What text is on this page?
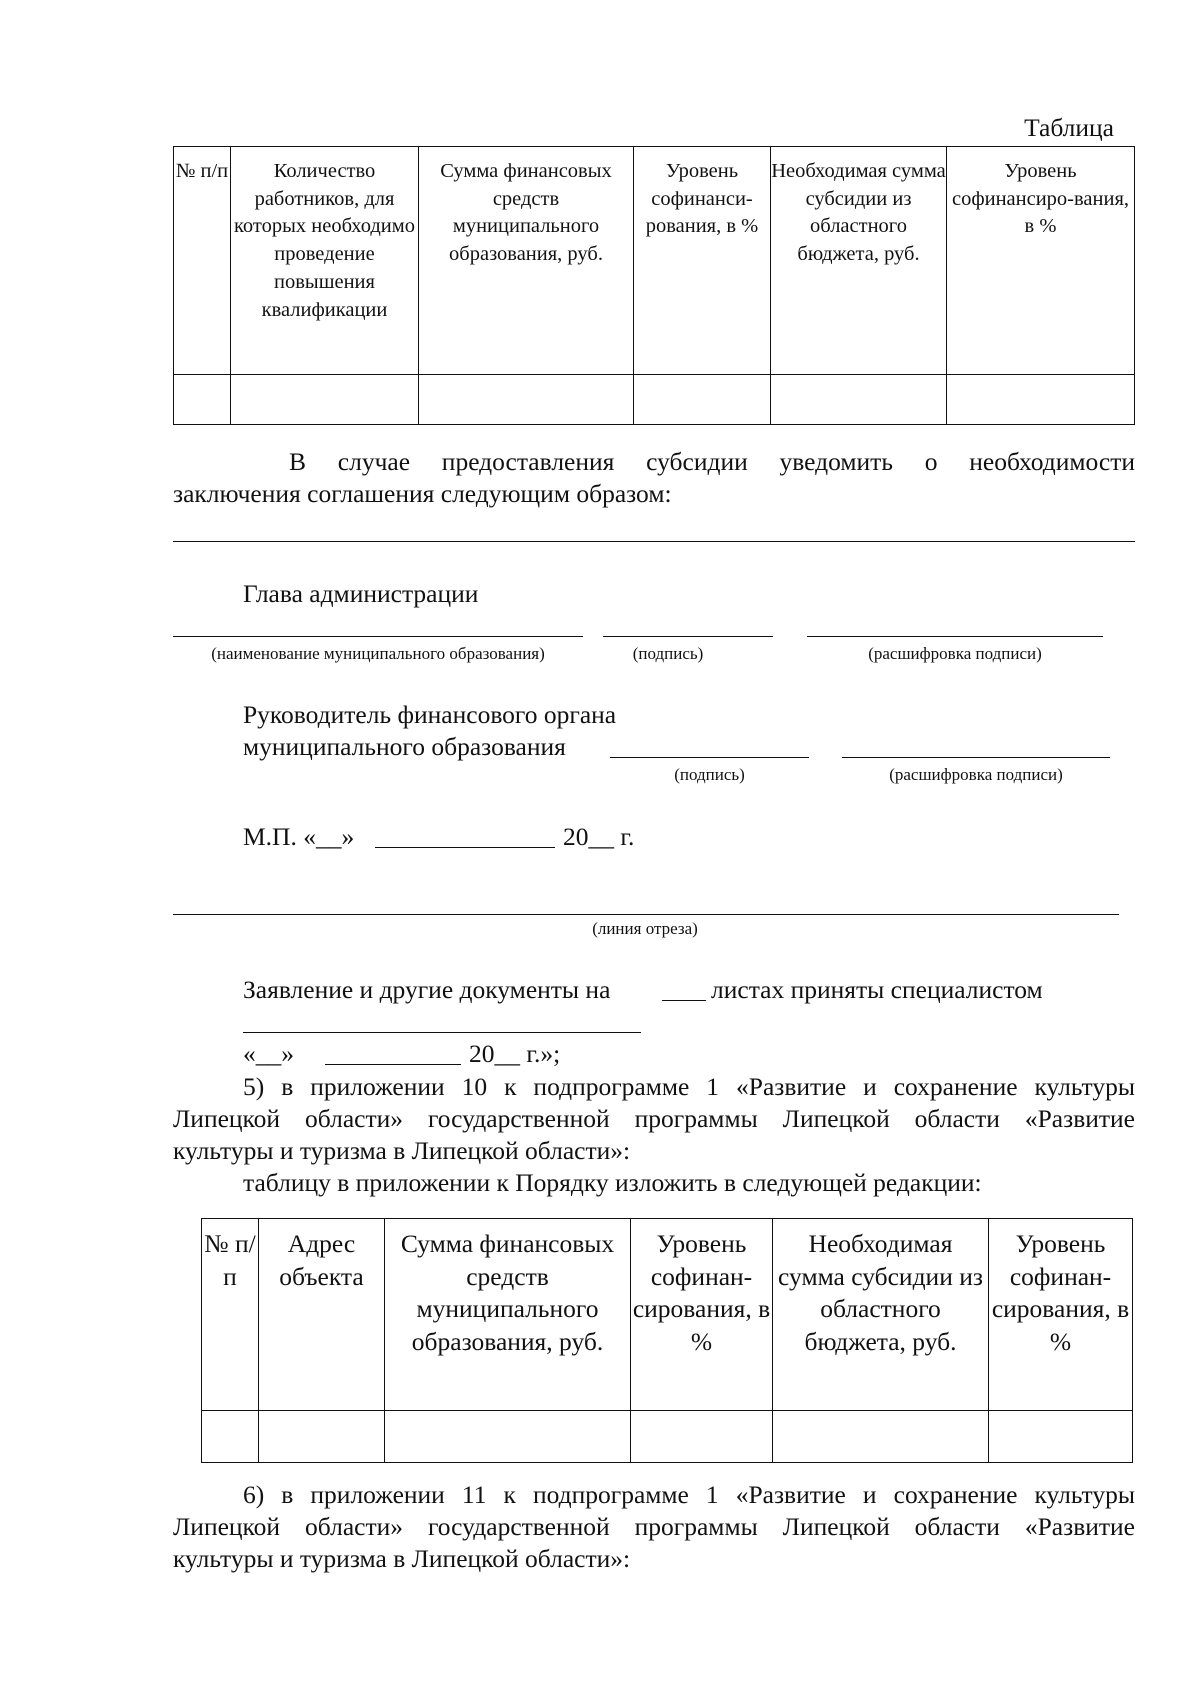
Таблица
№ п/п	Количество работников, для которых необходимо проведение повышения квалификации	Сумма финансовых средств муниципального образования, руб.	Уровень софинанси-рования, в %	Необходимая сумма субсидии из областного бюджета, руб.	Уровень софинансиро-вания, в %

В случае предоставления субсидии уведомить о необходимости
заключения соглашения следующим образом:
Глава администрации
(наименование муниципального образования)	(подпись)	(расшифровка подписи)
Руководитель финансового органа
муниципального образования
(подпись)	(расшифровка подписи)
М.П. «__»	20__ г.
(линия отреза)
Заявление и другие документы на	листах приняты специалистом
«__»	20__ г.»;
5) в приложении 10 к подпрограмме 1 «Развитие и сохранение культуры
Липецкой области» государственной программы Липецкой области «Развитие
культуры и туризма в Липецкой области»:
таблицу в приложении к Порядку изложить в следующей редакции:
№ п/п	Адрес объекта	Сумма финансовых средств муниципального образования, руб.	Уровень софинан-сирования, в %	Необходимая сумма субсидии из областного бюджета, руб.	Уровень софинан-сирования, в %

6) в приложении 11 к подпрограмме 1 «Развитие и сохранение культуры
Липецкой области» государственной программы Липецкой области «Развитие
культуры и туризма в Липецкой области»:
